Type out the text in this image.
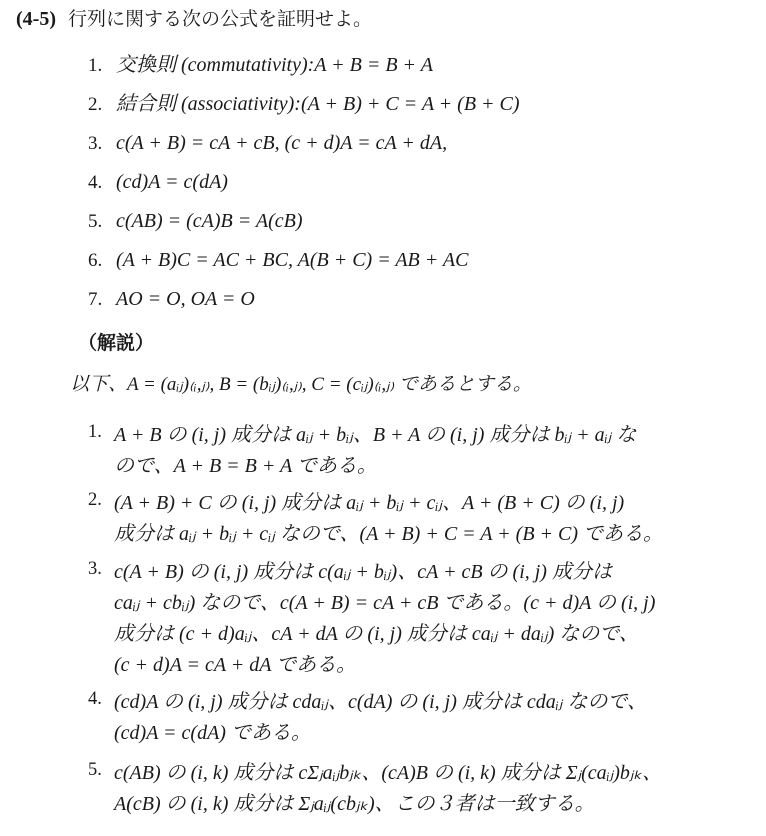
(4-5) 行列に関する次の公式を証明せよ。
1. 交換則 (commutativity):A + B = B + A
2. 結合則 (associativity):(A + B) + C = A + (B + C)
3. c(A + B) = cA + cB, (c + d)A = cA + dA,
4. (cd)A = c(dA)
5. c(AB) = (cA)B = A(cB)
6. (A + B)C = AC + BC, A(B + C) = AB + AC
7. AO = O, OA = O
（解説）
以下、A = (aᵢⱼ)₍ᵢ,ⱼ₎, B = (bᵢⱼ)₍ᵢ,ⱼ₎, C = (cᵢⱼ)₍ᵢ,ⱼ₎ であるとする。
1. A + B の (i, j) 成分は aᵢⱼ + bᵢⱼ、B + A の (i, j) 成分は bᵢⱼ + aᵢⱼ な
ので、A + B = B + A である。
2. (A + B) + C の (i, j) 成分は aᵢⱼ + bᵢⱼ + cᵢⱼ、A + (B + C) の (i, j)
成分は aᵢⱼ + bᵢⱼ + cᵢⱼ なので、(A + B) + C = A + (B + C) である。
3. c(A + B) の (i, j) 成分は c(aᵢⱼ + bᵢⱼ)、cA + cB の (i, j) 成分は
caᵢⱼ + cbᵢⱼ) なので、c(A + B) = cA + cB である。(c + d)A の (i, j)
成分は (c + d)aᵢⱼ、cA + dA の (i, j) 成分は caᵢⱼ + daᵢⱼ) なので、
(c + d)A = cA + dA である。
4. (cd)A の (i, j) 成分は cdaᵢⱼ、c(dA) の (i, j) 成分は cdaᵢⱼ なので、
(cd)A = c(dA) である。
5. c(AB) の (i, k) 成分は cΣⱼaᵢⱼbⱼₖ、(cA)B の (i, k) 成分は Σⱼ(caᵢⱼ)bⱼₖ、
A(cB) の (i, k) 成分は Σⱼaᵢⱼ(cbⱼₖ)、この３者は一致する。
